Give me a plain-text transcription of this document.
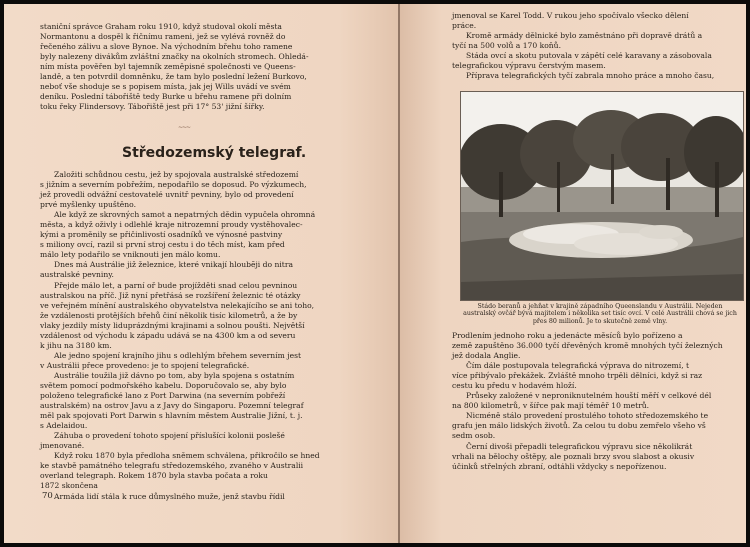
staniční správce Graham roku 1910, když studoval okolí města

Normantonu a dospěl k řičnímu rameni, jež se vylévá rovněž do

řečeného zálivu a slove Bynoe. Na východním břehu toho ramene

byly nalezeny divákům zvláštní značky na okolních stromech. Ohledá-

ním místa pověřen byl tajemník zeměpisné společnosti ve Queens-

landě, a ten potvrdil domněnku, že tam bylo poslední ležení Burkovo,

neboť vše shoduje se s popisem místa, jak jej Wills uvádí ve svém

deníku. Poslední tábořiště tedy Burke u břehu ramene při dolním

toku řeky Flindersovy. Tábořiště jest při 17° 53' jižní šířky.

~~~
Středozemský telegraf.

Založiti schůdnou cestu, jež by spojovala australské středozemí

s jižním a severním pobřežím, nepodařilo se doposud. Po výzkumech,

jež provedli odvážní cestovatelé uvnitř pevniny, bylo od provedení

prvé myšlenky upuštěno.

Ale když ze skrovných samot a nepatrných dědin vypučela ohromná

města, a když oživly i odlehlé kraje nitrozemní proudy vystěhovalec-

kými a proměnily se přičinlivostí osadníků ve výnosné pastviny

s miliony ovcí, razil si první stroj cestu i do těch míst, kam před

málo lety podařilo se vniknouti jen málo komu.

Dnes má Austrálie již železnice, které vnikají hloubĕji do nitra

australské pevniny.

Přejde málo let, a parní oř bude projížděti snad celou pevninou

australskou na příč. Již nyní přetřásá se rozšíření železnic té otázky

ve veřejném mínění australského obyvatelstva nelekajícího se ani toho,

že vzdálenosti protějších břehů činí několik tisíc kilometrů, a že by

vlaky jezdily místy liduprázdnými krajinami a solnou poušti. Největší

vzdálenost od východu k západu udává se na 4300 km a od severu

k jihu na 3180 km.

Ale jedno spojení krajního jihu s odlehlým břehem severním jest

v Austrálii přece provedeno: je to spojení telegrafické.

Austrálie toužila již dávno po tom, aby byla spojena s ostatním

světem pomocí podmořského kabelu. Doporučovalo se, aby bylo

položeno telegrafické lano z Port Darwina (na severním pobřeží

australském) na ostrov Javu a z Javy do Singaporu. Pozemní telegraf

měl pak spojovati Port Darwin s hlavním městem Australie Jižní, t. j.

s Adelaidou.

Záhuba o provedení tohoto spojení příslušící kolonii poslešé

jmenované.

Když roku 1870 byla předloha sněmem schválena, přikročilo se hned

ke stavbě památného telegrafu středozemského, zvaného v Australii

overland telegraph. Rokem 1870 byla stavba počata a roku

1872 skončena

Armáda lidí stála k ruce důmyslného muže, jenž stavbu řídil

70

jmenoval se Karel Todd. V rukou jeho spočívalo všecko dělení

práce.

Kromě armády dělnické bylo zaměstnáno při dopravě drátů a

tyčí na 500 volů a 170 koňů.

Stáda ovcí a skotu putovala v zápětí celé karavany a zásobovala

telegrafickou výpravu čerstvým masem.

Příprava telegrafických tyčí zabrala mnoho práce a mnoho času,

Stádo beranů a jehňat v krajině západního Queenslandu v Austrálii. Nejeden australský ovčář bývá majitelem i několika set tisíc ovcí. V celé Austrálii chová se jich přes 80 milionů. Je to skutečně země vlny.

Prodlením jednoho roku a jedenácte měsíců bylo pořízeno a

země zapuštěno 36.000 tyčí dřevěných kromě mnohých tyčí železných

jež dodala Anglie.

Čím dále postupovala telegrafická výprava do nitrozemí, t

více přibývalo překážek. Zvláště mnoho trpěli dělníci, když si raz

cestu ku předu v hodavém hloží.

Průseky založené v neproniknutelném houští měří v celkové dél

na 800 kilometrů, v šířce pak mají téměř 10 metrů.

Nicméně stálo provedení prostulého tohoto středozemského te

grafu jen málo lidských životů. Za celou tu dobu zemřelo všeho vš

sedm osob.

Černí divoši přepadli telegrafickou výpravu sice několikrát

vrhali na bělochy oštěpy, ale poznali brzy svou slabost a okusiv

účinků střelných zbraní, odtáhli vždycky s nepořízenou.
